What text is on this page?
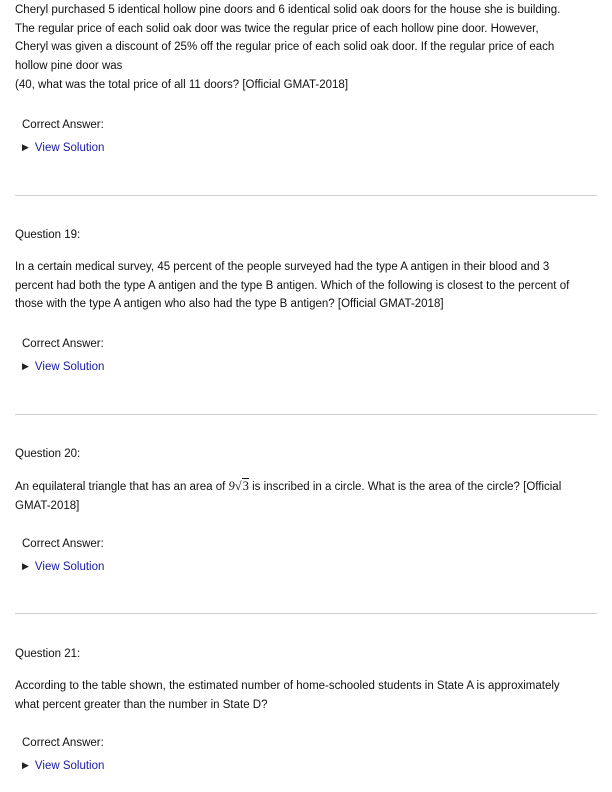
Cheryl purchased 5 identical hollow pine doors and 6 identical solid oak doors for the house she is building.
The regular price of each solid oak door was twice the regular price of each hollow pine door. However,
Cheryl was given a discount of 25% off the regular price of each solid oak door. If the regular price of each
hollow pine door was
(40, what was the total price of all 11 doors? [Official GMAT-2018]
Correct Answer:
▶ View Solution
Question 19:
In a certain medical survey, 45 percent of the people surveyed had the type A antigen in their blood and 3
percent had both the type A antigen and the type B antigen. Which of the following is closest to the percent of
those with the type A antigen who also had the type B antigen? [Official GMAT-2018]
Correct Answer:
▶ View Solution
Question 20:
An equilateral triangle that has an area of 9√3 is inscribed in a circle. What is the area of the circle? [Official
GMAT-2018]
Correct Answer:
▶ View Solution
Question 21:
According to the table shown, the estimated number of home-schooled students in State A is approximately
what percent greater than the number in State D?
Correct Answer:
▶ View Solution
